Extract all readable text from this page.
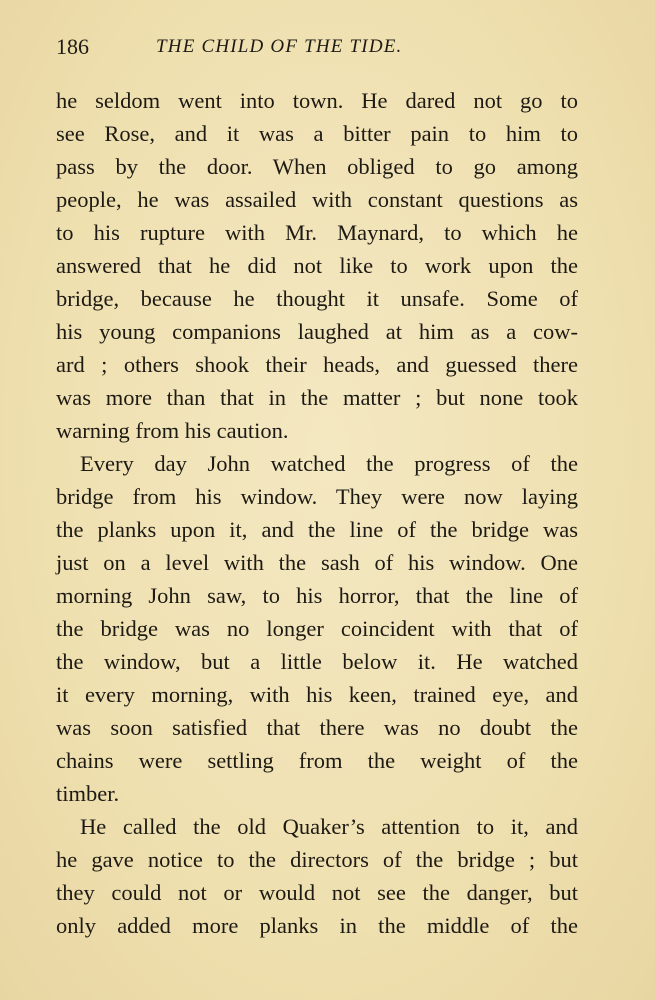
186	THE CHILD OF THE TIDE.

he seldom went into town. He dared not go to
see Rose, and it was a bitter pain to him to
pass by the door. When obliged to go among
people, he was assailed with constant questions as
to his rupture with Mr. Maynard, to which he
answered that he did not like to work upon the
bridge, because he thought it unsafe. Some of
his young companions laughed at him as a cow-
ard ; others shook their heads, and guessed there
was more than that in the matter ; but none took
warning from his caution.

Every day John watched the progress of the
bridge from his window. They were now laying
the planks upon it, and the line of the bridge was
just on a level with the sash of his window. One
morning John saw, to his horror, that the line of
the bridge was no longer coincident with that of
the window, but a little below it. He watched
it every morning, with his keen, trained eye, and
was soon satisfied that there was no doubt the
chains were settling from the weight of the
timber.

He called the old Quaker’s attention to it, and
he gave notice to the directors of the bridge ; but
they could not or would not see the danger, but
only added more planks in the middle of the
